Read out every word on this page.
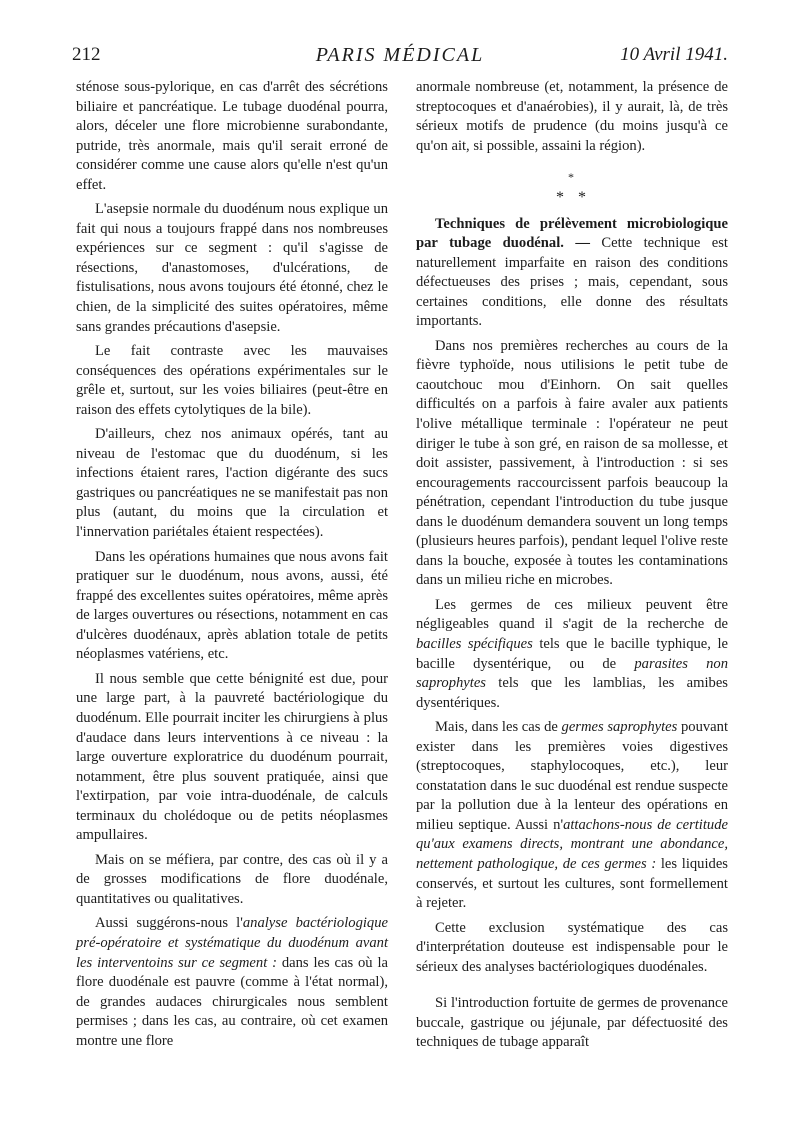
212	PARIS MÉDICAL	10 Avril 1941.

sténose sous-pylorique, en cas d'arrêt des sécrétions biliaire et pancréatique. Le tubage duodénal pourra, alors, déceler une flore microbienne surabondante, putride, très anormale, mais qu'il serait erroné de considérer comme une cause alors qu'elle n'est qu'un effet.

L'asepsie normale du duodénum nous explique un fait qui nous a toujours frappé dans nos nombreuses expériences sur ce segment : qu'il s'agisse de résections, d'anastomoses, d'ulcérations, de fistulisations, nous avons toujours été étonné, chez le chien, de la simplicité des suites opératoires, même sans grandes précautions d'asepsie.

Le fait contraste avec les mauvaises conséquences des opérations expérimentales sur le grêle et, surtout, sur les voies biliaires (peut-être en raison des effets cytolytiques de la bile).

D'ailleurs, chez nos animaux opérés, tant au niveau de l'estomac que du duodénum, si les infections étaient rares, l'action digérante des sucs gastriques ou pancréatiques ne se manifestait pas non plus (autant, du moins que la circulation et l'innervation pariétales étaient respectées).

Dans les opérations humaines que nous avons fait pratiquer sur le duodénum, nous avons, aussi, été frappé des excellentes suites opératoires, même après de larges ouvertures ou résections, notamment en cas d'ulcères duodénaux, après ablation totale de petits néoplasmes vatériens, etc.

Il nous semble que cette bénignité est due, pour une large part, à la pauvreté bactériologique du duodénum. Elle pourrait inciter les chirurgiens à plus d'audace dans leurs interventions à ce niveau : la large ouverture exploratrice du duodénum pourrait, notamment, être plus souvent pratiquée, ainsi que l'extirpation, par voie intra-duodénale, de calculs terminaux du cholédoque ou de petits néoplasmes ampullaires.

Mais on se méfiera, par contre, des cas où il y a de grosses modifications de flore duodénale, quantitatives ou qualitatives.

Aussi suggérons-nous l'analyse bactériologique pré-opératoire et systématique du duodénum avant les interventoins sur ce segment : dans les cas où la flore duodénale est pauvre (comme à l'état normal), de grandes audaces chirurgicales nous semblent permises ; dans les cas, au contraire, où cet examen montre une flore

anormale nombreuse (et, notamment, la présence de streptocoques et d'anaérobies), il y aurait, là, de très sérieux motifs de prudence (du moins jusqu'à ce qu'on ait, si possible, assaini la région).

*
* *

Techniques de prélèvement microbiologique par tubage duodénal. — Cette technique est naturellement imparfaite en raison des conditions défectueuses des prises ; mais, cependant, sous certaines conditions, elle donne des résultats importants.

Dans nos premières recherches au cours de la fièvre typhoïde, nous utilisions le petit tube de caoutchouc mou d'Einhorn. On sait quelles difficultés on a parfois à faire avaler aux patients l'olive métallique terminale : l'opérateur ne peut diriger le tube à son gré, en raison de sa mollesse, et doit assister, passivement, à l'introduction : si ses encouragements raccourcissent parfois beaucoup la pénétration, cependant l'introduction du tube jusque dans le duodénum demandera souvent un long temps (plusieurs heures parfois), pendant lequel l'olive reste dans la bouche, exposée à toutes les contaminations dans un milieu riche en microbes.

Les germes de ces milieux peuvent être négligeables quand il s'agit de la recherche de bacilles spécifiques tels que le bacille typhique, le bacille dysentérique, ou de parasites non saprophytes tels que les lamblias, les amibes dysentériques.

Mais, dans les cas de germes saprophytes pouvant exister dans les premières voies digestives (streptocoques, staphylocoques, etc.), leur constatation dans le suc duodénal est rendue suspecte par la pollution due à la lenteur des opérations en milieu septique. Aussi n'attachons-nous de certitude qu'aux examens directs, montrant une abondance, nettement pathologique, de ces germes : les liquides conservés, et surtout les cultures, sont formellement à rejeter.

Cette exclusion systématique des cas d'interprétation douteuse est indispensable pour le sérieux des analyses bactériologiques duodénales.

Si l'introduction fortuite de germes de provenance buccale, gastrique ou jéjunale, par défectuosité des techniques de tubage apparaît
